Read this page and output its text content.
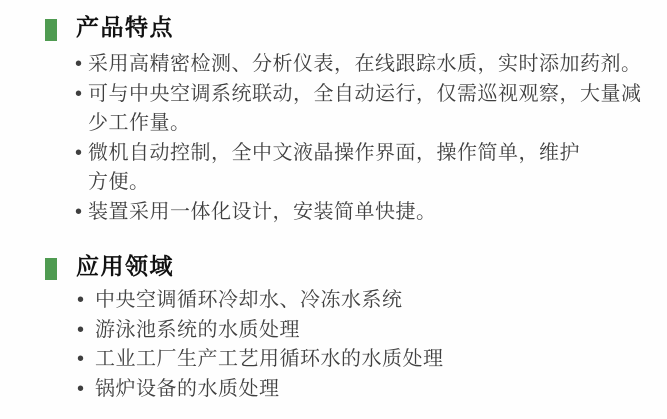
产品特点
• 采用高精密检测、分析仪表，在线跟踪水质，实时添加药剂。
• 可与中央空调系统联动，全自动运行，仅需巡视观察，大量减
少工作量。
• 微机自动控制，全中文液晶操作界面，操作简单，维护
方便。
• 装置采用一体化设计，安装简单快捷。
应用领域
• 中央空调循环冷却水、冷冻水系统
• 游泳池系统的水质处理
• 工业工厂生产工艺用循环水的水质处理
• 锅炉设备的水质处理
